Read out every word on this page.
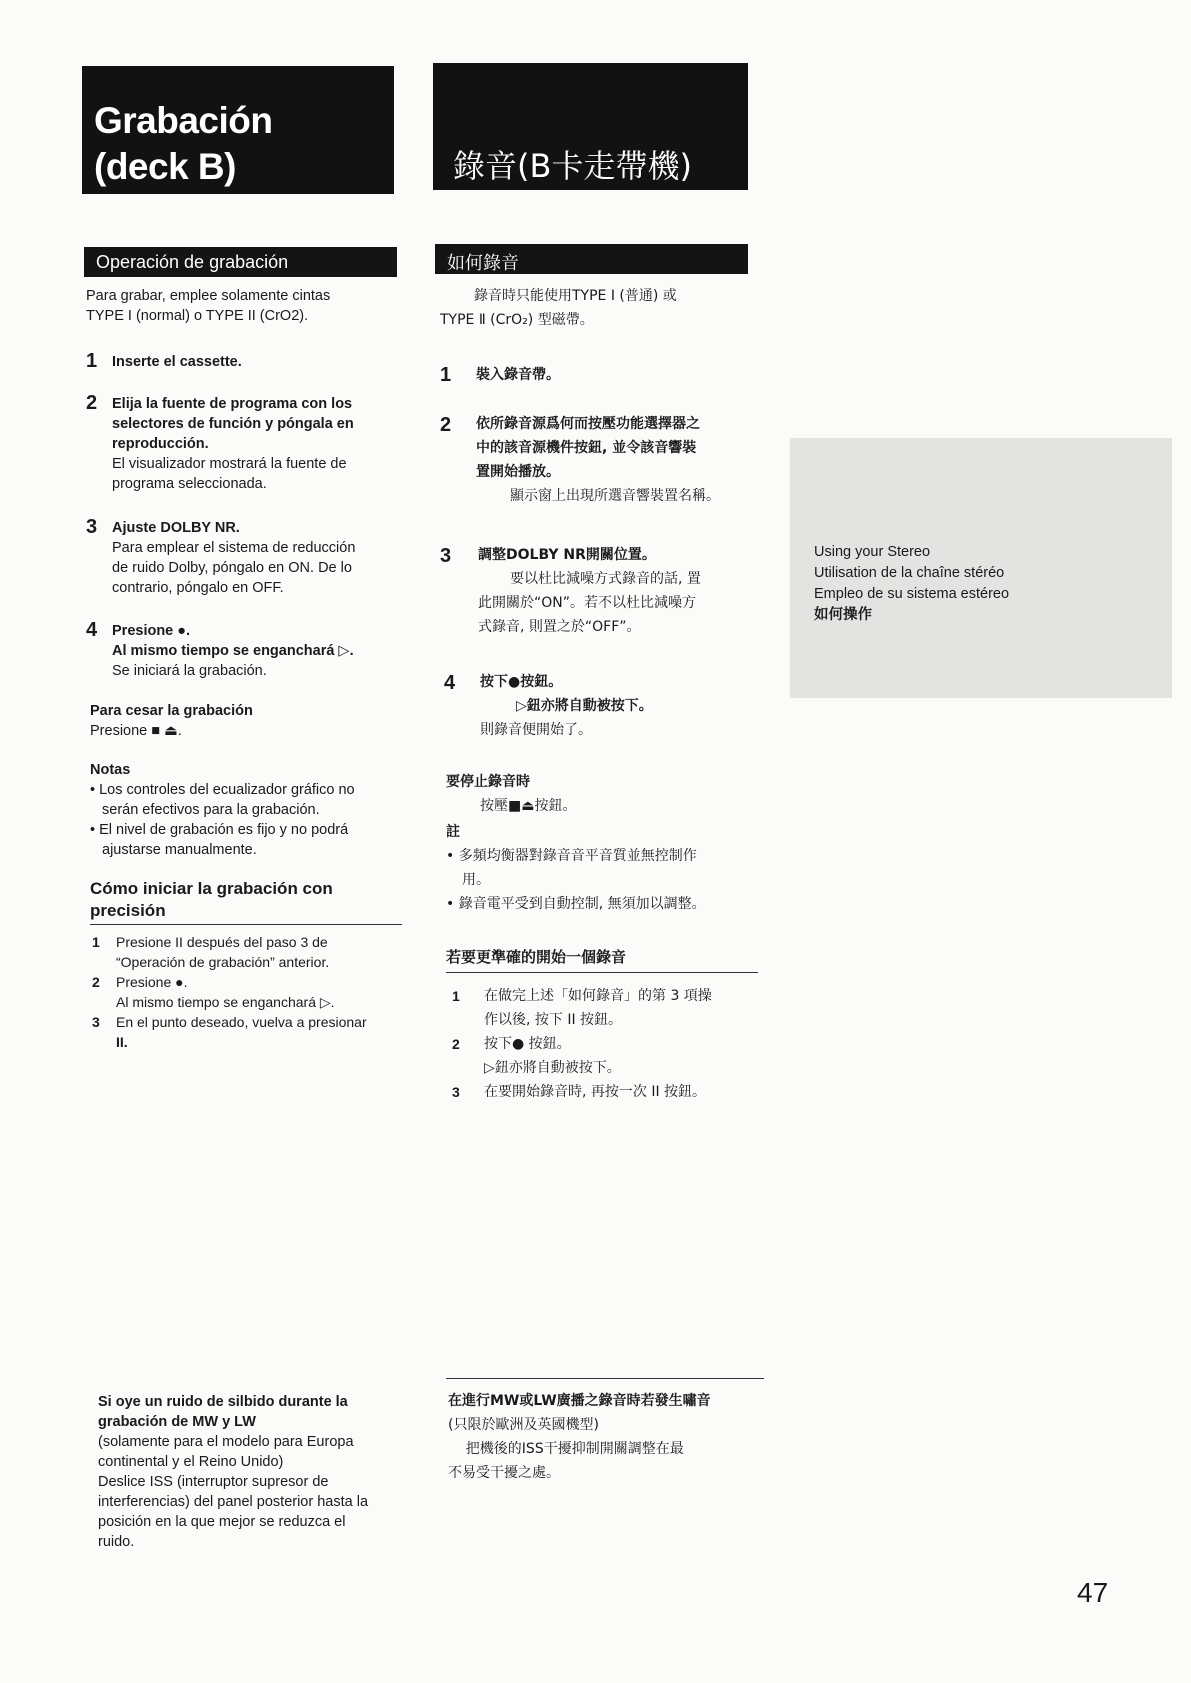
Grabación
(deck B)	錄音(B卡走帶機)
Operación de grabación	如何錄音
Para grabar, emplee solamente cintas
TYPE I (normal) o TYPE II (CrO2).
1 Inserte el cassette.
2 Elija la fuente de programa con los
selectores de función y póngala en
reproducción.
El visualizador mostrará la fuente de
programa seleccionada.
3 Ajuste DOLBY NR.
Para emplear el sistema de reducción
de ruido Dolby, póngalo en ON. De lo
contrario, póngalo en OFF.
4 Presione ●.
Al mismo tiempo se enganchará ▷.
Se iniciará la grabación.
Para cesar la grabación
Presione ■ ⏏.
Notas
• Los controles del ecualizador gráfico no
serán efectivos para la grabación.
• El nivel de grabación es fijo y no podrá
ajustarse manualmente.
Cómo iniciar la grabación con
precisión
1	Presione II después del paso 3 de
“Operación de grabación” anterior.
2	Presione ●.
Al mismo tiempo se enganchará ▷.
3	En el punto deseado, vuelva a presionar
II.
錄音時只能使用TYPE Ⅰ (普通) 或
TYPE Ⅱ (CrO₂) 型磁帶。
1 裝入錄音帶。
2 依所錄音源爲何而按壓功能選擇器之
中的該音源機件按鈕, 並令該音響裝
置開始播放。
顯示窗上出現所選音響裝置名稱。
3 調整DOLBY NR開關位置。
要以杜比減噪方式錄音的話, 置
此開關於“ON”。若不以杜比減噪方
式錄音, 則置之於“OFF”。
4 按下●按鈕。
▷鈕亦將自動被按下。
則錄音便開始了。
要停止錄音時
按壓■⏏按鈕。
註
• 多頻均衡器對錄音音平音質並無控制作
用。
• 錄音電平受到自動控制, 無須加以調整。
若要更準確的開始一個錄音
1	在做完上述「如何錄音」的第 3 項操
作以後, 按下 II 按鈕。
2	按下● 按鈕。
▷鈕亦將自動被按下。
3	在要開始錄音時, 再按一次 II 按鈕。
Using your Stereo
Utilisation de la chaîne stéréo
Empleo de su sistema estéreo
如何操作
Si oye un ruido de silbido durante la
grabación de MW y LW
(solamente para el modelo para Europa
continental y el Reino Unido)
Deslice ISS (interruptor supresor de
interferencias) del panel posterior hasta la
posición en la que mejor se reduzca el
ruido.
在進行MW或LW廣播之錄音時若發生嘯音
(只限於歐洲及英國機型)
把機後的ISS干擾抑制開關調整在最
不易受干擾之處。
47
